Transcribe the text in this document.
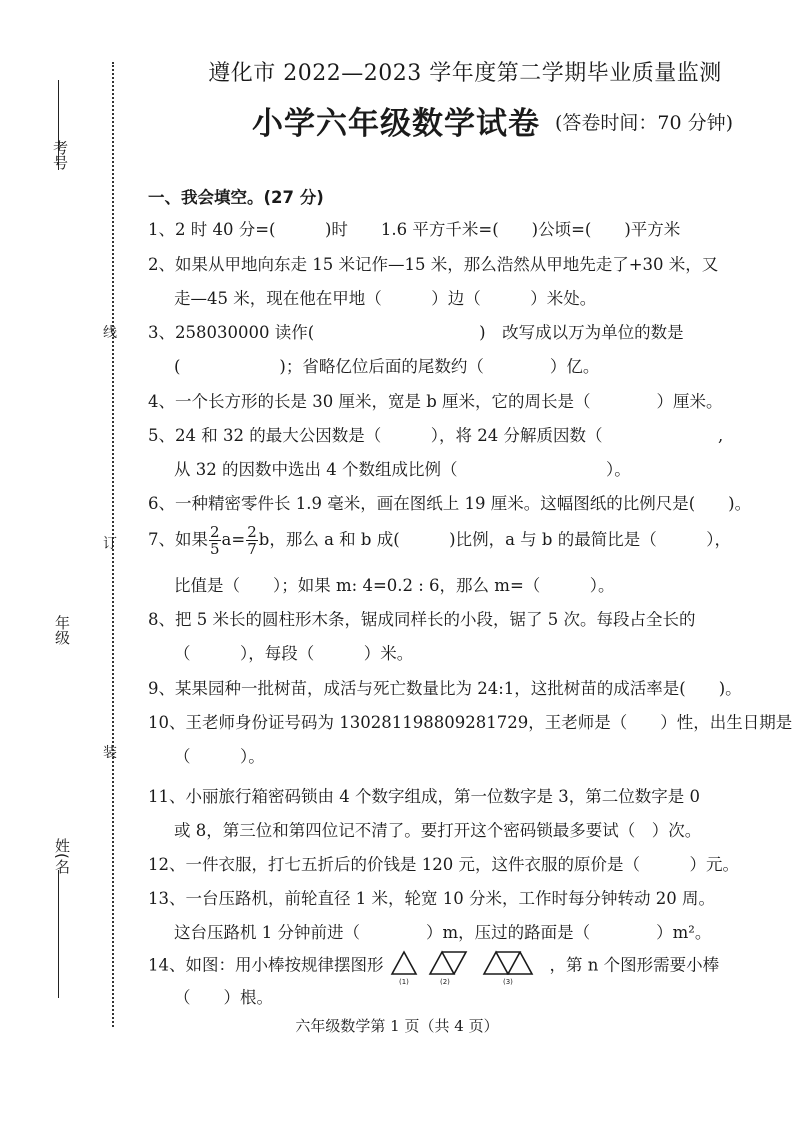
考号
年级
姓(名
线
订
装
遵化市 2022—2023 学年度第二学期毕业质量监测
小学六年级数学试卷 (答卷时间：70 分钟)
一、我会填空。(27 分)
1、2 时 40 分=(　　　)时　　1.6 平方千米=(　　)公顷=(　　)平方米
2、如果从甲地向东走 15 米记作—15 米，那么浩然从甲地先走了+30 米，又
走—45 米，现在他在甲地（　　　）边（　　　）米处。
3、258030000 读作(　　　　　　　　　　)　改写成以万为单位的数是
(　　　　　　)；省略亿位后面的尾数约（　　　　）亿。
4、一个长方形的长是 30 厘米，宽是 b 厘米，它的周长是（　　　　）厘米。
5、24 和 32 的最大公因数是（　　　），将 24 分解质因数（　　　　　　　,
从 32 的因数中选出 4 个数组成比例（　　　　　　　　　）。
6、一种精密零件长 1.9 毫米，画在图纸上 19 厘米。这幅图纸的比例尺是(　　)。
7、如果 $\frac{2}{5} a= \frac{2}{7}$ b，那么 a 和 b 成(　　　)比例，a 与 b 的最简比是（　　　），
比值是（　　）；如果 m: 4=0.2 : 6，那么 m=（　　　）。
8、把 5 米长的圆柱形木条，锯成同样长的小段，锯了 5 次。每段占全长的
（　　　），每段（　　　）米。
9、某果园种一批树苗，成活与死亡数量比为 24:1，这批树苗的成活率是(　　)。
10、王老师身份证号码为 130281198809281729，王老师是（　　）性，出生日期是
（　　　）。
11、小丽旅行箱密码锁由 4 个数字组成，第一位数字是 3，第二位数字是 0
或 8，第三位和第四位记不清了。要打开这个密码锁最多要试（　）次。
12、一件衣服，打七五折后的价钱是 120 元，这件衣服的原价是（　　　）元。
13、一台压路机，前轮直径 1 米，轮宽 10 分米，工作时每分钟转动 20 周。
这台压路机 1 分钟前进（　　　　）m，压过的路面是（　　　　）m²。
14、如图：用小棒按规律摆图形
(1)	(2)	(3)
，第 n 个图形需要小棒
（　　）根。
六年级数学第 1 页（共 4 页）
